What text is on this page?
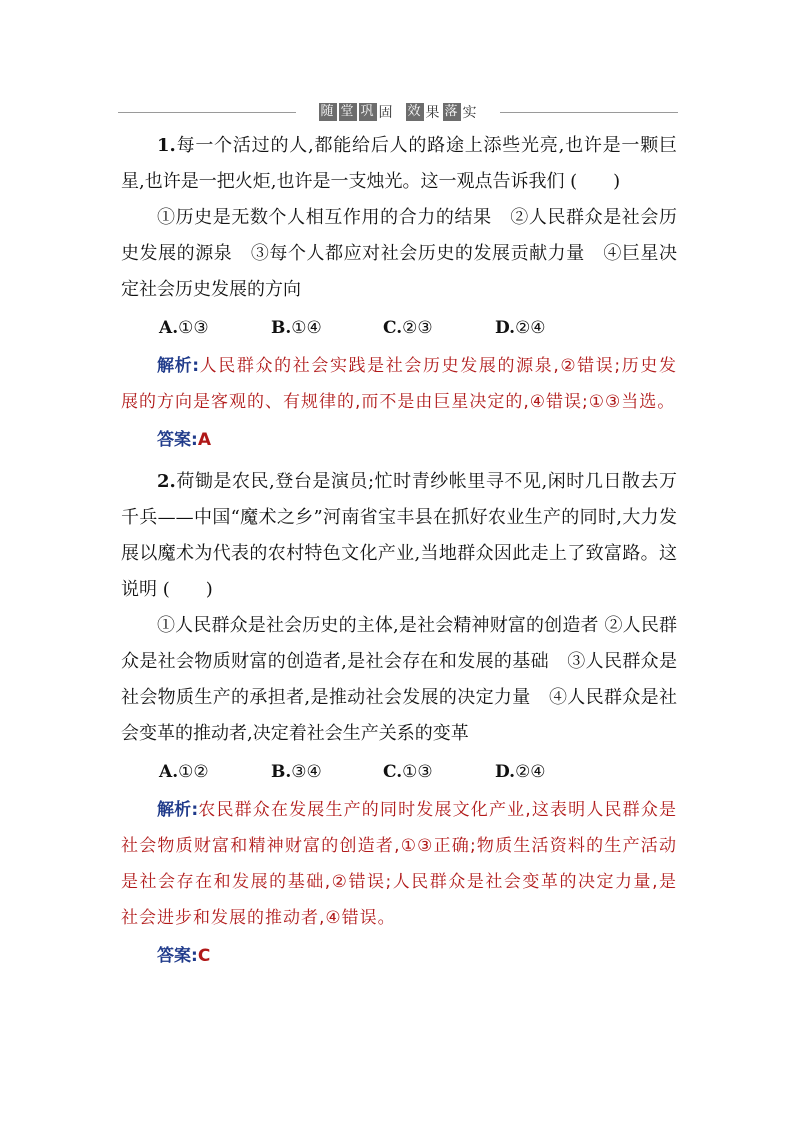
随 堂 巩 固 效 果 落 实

1.每一个活过的人,都能给后人的路途上添些光亮,也许是一颗巨星,也许是一把火炬,也许是一支烛光。这一观点告诉我们 (　　)

①历史是无数个人相互作用的合力的结果　②人民群众是社会历史发展的源泉　③每个人都应对社会历史的发展贡献力量　④巨星决定社会历史发展的方向

A.①③	B.①④	C.②③	D.②④

解析:人民群众的社会实践是社会历史发展的源泉,②错误;历史发展的方向是客观的、有规律的,而不是由巨星决定的,④错误;①③当选。

答案:A

2.荷锄是农民,登台是演员;忙时青纱帐里寻不见,闲时几日散去万千兵——中国“魔术之乡”河南省宝丰县在抓好农业生产的同时,大力发展以魔术为代表的农村特色文化产业,当地群众因此走上了致富路。这说明 (　　)

①人民群众是社会历史的主体,是社会精神财富的创造者 ②人民群众是社会物质财富的创造者,是社会存在和发展的基础　③人民群众是社会物质生产的承担者,是推动社会发展的决定力量　④人民群众是社会变革的推动者,决定着社会生产关系的变革

A.①②	B.③④	C.①③	D.②④

解析:农民群众在发展生产的同时发展文化产业,这表明人民群众是社会物质财富和精神财富的创造者,①③正确;物质生活资料的生产活动是社会存在和发展的基础,②错误;人民群众是社会变革的决定力量,是社会进步和发展的推动者,④错误。

答案:C
